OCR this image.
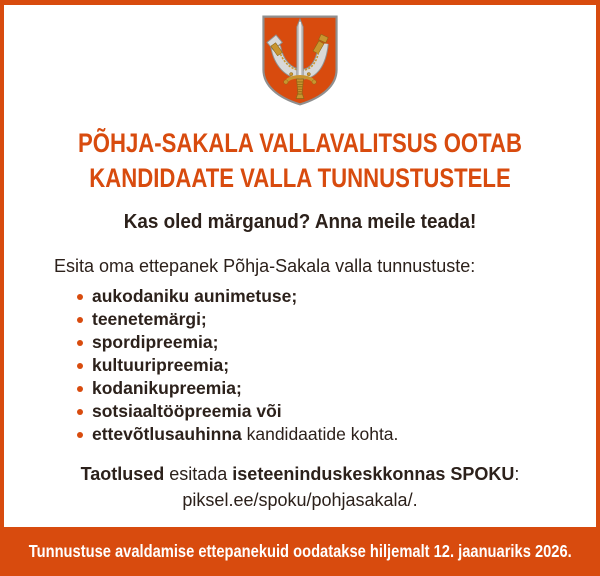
PÕHJA-SAKALA VALLAVALITSUS OOTAB
KANDIDAATE VALLA TUNNUSTUSTELE
Kas oled märganud? Anna meile teada!
Esita oma ettepanek Põhja-Sakala valla tunnustuste:
aukodaniku aunimetuse;
teenetemärgi;
spordipreemia;
kultuuripreemia;
kodanikupreemia;
sotsiaaltööpreemia või
ettevõtlusauhinna kandidaatide kohta.
Taotlused esitada iseteeninduskeskkonnas SPOKU:
piksel.ee/spoku/pohjasakala/.
Tunnustuse avaldamise ettepanekuid oodatakse hiljemalt 12. jaanuariks 2026.
